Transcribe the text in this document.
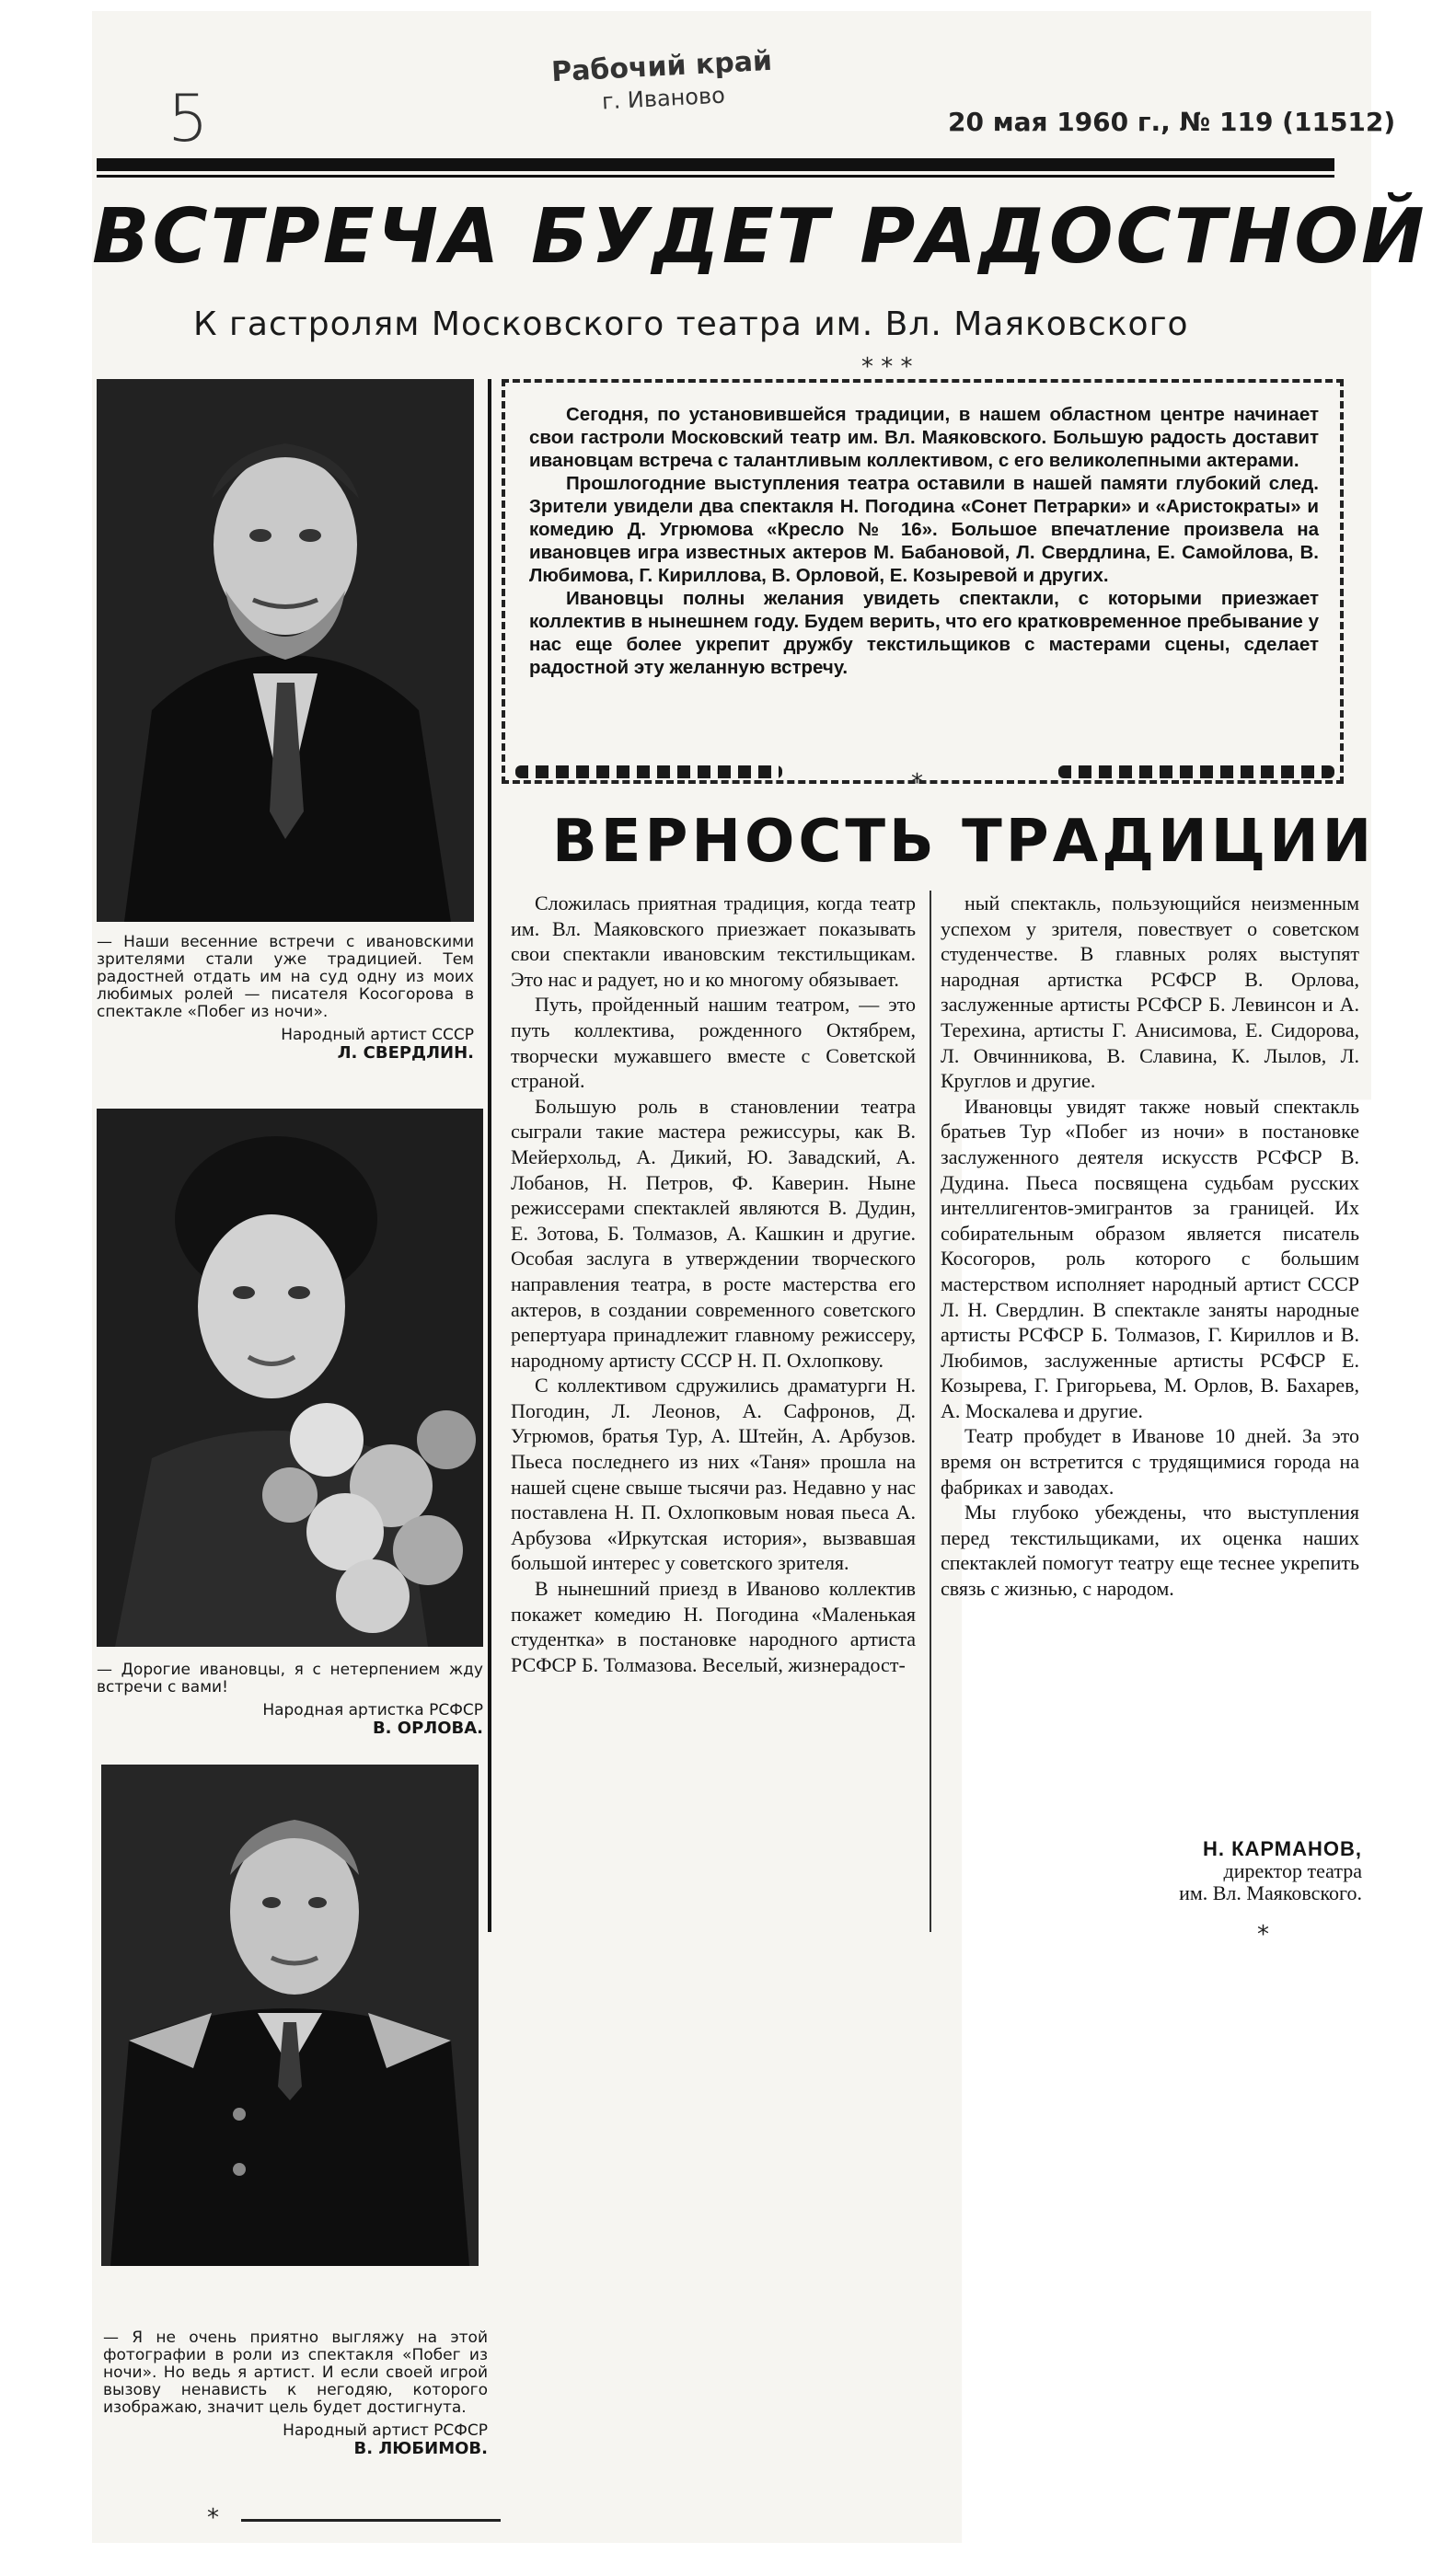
5
Рабочий край
г. Иваново
20 мая 1960 г., № 119 (11512)
ВСТРЕЧА БУДЕТ РАДОСТНОЙ
К гастролям Московского театра им. Вл. Маяковского
* * *
— Наши весенние встречи с ивановскими зрителями стали уже традицией. Тем радостней отдать им на суд одну из моих любимых ролей — писателя Косогорова в спектакле «Побег из ночи».
Народный артист СССР
Л. СВЕРДЛИН.
— Дорогие ивановцы, я с нетерпением жду встречи с вами!
Народная артистка РСФСР
В. ОРЛОВА.
— Я не очень приятно выгляжу на этой фотографии в роли из спектакля «Побег из ночи». Но ведь я артист. И если своей игрой вызову ненависть к негодяю, которого изображаю, значит цель будет достигнута.
Народный артист РСФСР
В. ЛЮБИМОВ.
*

Сегодня, по установившейся традиции, в нашем областном центре начинает свои гастроли Московский театр им. Вл. Маяковского. Большую радость доставит ивановцам встреча с талантливым коллективом, с его великолепными актерами.

Прошлогодние выступления театра оставили в нашей памяти глубокий след. Зрители увидели два спектакля Н. Погодина «Сонет Петрарки» и «Аристократы» и комедию Д. Угрюмова «Кресло № 16». Большое впечатление произвела на ивановцев игра известных актеров М. Бабановой, Л. Свердлина, Е. Самойлова, В. Любимова, Г. Кириллова, В. Орловой, Е. Козыревой и других.

Ивановцы полны желания увидеть спектакли, с которыми приезжает коллектив в нынешнем году. Будем верить, что его кратковременное пребывание у нас еще более укрепит дружбу текстильщиков с мастерами сцены, сделает радостной эту желанную встречу.

*
ВЕРНОСТЬ ТРАДИЦИИ

Сложилась приятная традиция, когда театр им. Вл. Маяковского приезжает показывать свои спектакли ивановским текстильщикам. Это нас и радует, но и ко многому обязывает.

Путь, пройденный нашим театром, — это путь коллектива, рожденного Октябрем, творчески мужавшего вместе с Советской страной.

Большую роль в становлении театра сыграли такие мастера режиссуры, как В. Мейерхольд, А. Дикий, Ю. Завадский, А. Лобанов, Н. Петров, Ф. Каверин. Ныне режиссерами спектаклей являются В. Дудин, Е. Зотова, Б. Толмазов, А. Кашкин и другие. Особая заслуга в утверждении творческого направления театра, в росте мастерства его актеров, в создании современного советского репертуара принадлежит главному режиссеру, народному артисту СССР Н. П. Охлопкову.

С коллективом сдружились драматурги Н. Погодин, Л. Леонов, А. Сафронов, Д. Угрюмов, братья Тур, А. Штейн, А. Арбузов. Пьеса последнего из них «Таня» прошла на нашей сцене свыше тысячи раз. Недавно у нас поставлена Н. П. Охлопковым новая пьеса А. Арбузова «Иркутская история», вызвавшая большой интерес у советского зрителя.

В нынешний приезд в Иваново коллектив покажет комедию Н. Погодина «Маленькая студентка» в постановке народного артиста РСФСР Б. Толмазова. Веселый, жизнерадост-

ный спектакль, пользующийся неизменным успехом у зрителя, повествует о советском студенчестве. В главных ролях выступят народная артистка РСФСР В. Орлова, заслуженные артисты РСФСР Б. Левинсон и А. Терехина, артисты Г. Анисимова, Е. Сидорова, Л. Овчинникова, В. Славина, К. Лылов, Л. Круглов и другие.

Ивановцы увидят также новый спектакль братьев Тур «Побег из ночи» в постановке заслуженного деятеля искусств РСФСР В. Дудина. Пьеса посвящена судьбам русских интеллигентов-эмигрантов за границей. Их собирательным образом является писатель Косогоров, роль которого с большим мастерством исполняет народный артист СССР Л. Н. Свердлин. В спектакле заняты народные артисты РСФСР Б. Толмазов, Г. Кириллов и В. Любимов, заслуженные артисты РСФСР Е. Козырева, Г. Григорьева, М. Орлов, В. Бахарев, А. Москалева и другие.

Театр пробудет в Иванове 10 дней. За это время он встретится с трудящимися города на фабриках и заводах.

Мы глубоко убеждены, что выступления перед текстильщиками, их оценка наших спектаклей помогут театру еще теснее укрепить связь с жизнью, с народом.

Н. КАРМАНОВ,
директор театра
им. Вл. Маяковского.
*
